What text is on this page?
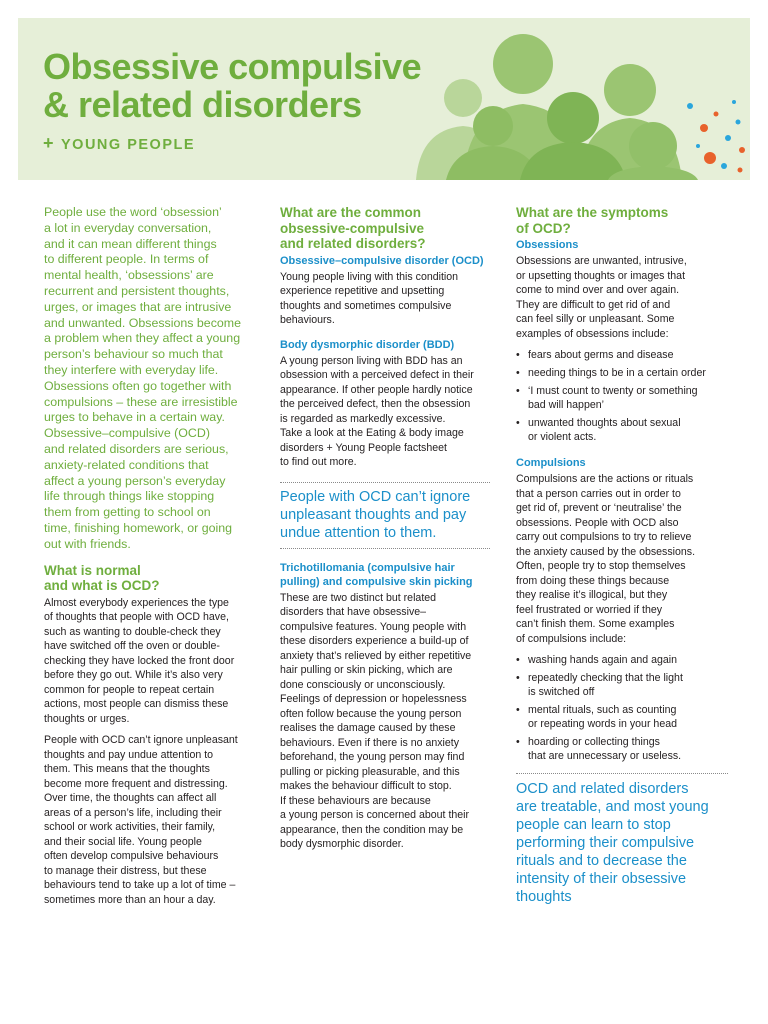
Obsessive compulsive
& related disorders
+ YOUNG PEOPLE

People use the word ‘obsession’
a lot in everyday conversation,
and it can mean different things
to different people. In terms of
mental health, ‘obsessions’ are
recurrent and persistent thoughts,
urges, or images that are intrusive
and unwanted. Obsessions become
a problem when they affect a young
person’s behaviour so much that
they interfere with everyday life.
Obsessions often go together with
compulsions – these are irresistible
urges to behave in a certain way.
Obsessive–compulsive (OCD)
and related disorders are serious,
anxiety-related conditions that
affect a young person’s everyday
life through things like stopping
them from getting to school on
time, finishing homework, or going
out with friends.

What is normal
and what is OCD?

Almost everybody experiences the type
of thoughts that people with OCD have,
such as wanting to double-check they
have switched off the oven or double-
checking they have locked the front door
before they go out. While it’s also very
common for people to repeat certain
actions, most people can dismiss these
thoughts or urges.

People with OCD can’t ignore unpleasant
thoughts and pay undue attention to
them. This means that the thoughts
become more frequent and distressing.
Over time, the thoughts can affect all
areas of a person’s life, including their
school or work activities, their family,
and their social life. Young people
often develop compulsive behaviours
to manage their distress, but these
behaviours tend to take up a lot of time –
sometimes more than an hour a day.

What are the common
obsessive-compulsive
and related disorders?
Obsessive–compulsive disorder (OCD)

Young people living with this condition
experience repetitive and upsetting
thoughts and sometimes compulsive
behaviours.

Body dysmorphic disorder (BDD)

A young person living with BDD has an
obsession with a perceived defect in their
appearance. If other people hardly notice
the perceived defect, then the obsession
is regarded as markedly excessive.
Take a look at the Eating & body image
disorders + Young People factsheet
to find out more.

People with OCD can’t ignore
unpleasant thoughts and pay
undue attention to them.

Trichotillomania (compulsive hair
pulling) and compulsive skin picking

These are two distinct but related
disorders that have obsessive–
compulsive features. Young people with
these disorders experience a build-up of
anxiety that’s relieved by either repetitive
hair pulling or skin picking, which are
done consciously or unconsciously.
Feelings of depression or hopelessness
often follow because the young person
realises the damage caused by these
behaviours. Even if there is no anxiety
beforehand, the young person may find
pulling or picking pleasurable, and this
makes the behaviour difficult to stop.
If these behaviours are because
a young person is concerned about their
appearance, then the condition may be
body dysmorphic disorder.

What are the symptoms
of OCD?
Obsessions

Obsessions are unwanted, intrusive,
or upsetting thoughts or images that
come to mind over and over again.
They are difficult to get rid of and
can feel silly or unpleasant. Some
examples of obsessions include:

• fears about germs and disease
• needing things to be in a certain order
• ‘I must count to twenty or something
bad will happen’
• unwanted thoughts about sexual
or violent acts.
Compulsions

Compulsions are the actions or rituals
that a person carries out in order to
get rid of, prevent or ‘neutralise’ the
obsessions. People with OCD also
carry out compulsions to try to relieve
the anxiety caused by the obsessions.
Often, people try to stop themselves
from doing these things because
they realise it’s illogical, but they
feel frustrated or worried if they
can’t finish them. Some examples
of compulsions include:

• washing hands again and again
• repeatedly checking that the light
is switched off
• mental rituals, such as counting
or repeating words in your head
• hoarding or collecting things
that are unnecessary or useless.

OCD and related disorders
are treatable, and most young
people can learn to stop
performing their compulsive
rituals and to decrease the
intensity of their obsessive
thoughts
